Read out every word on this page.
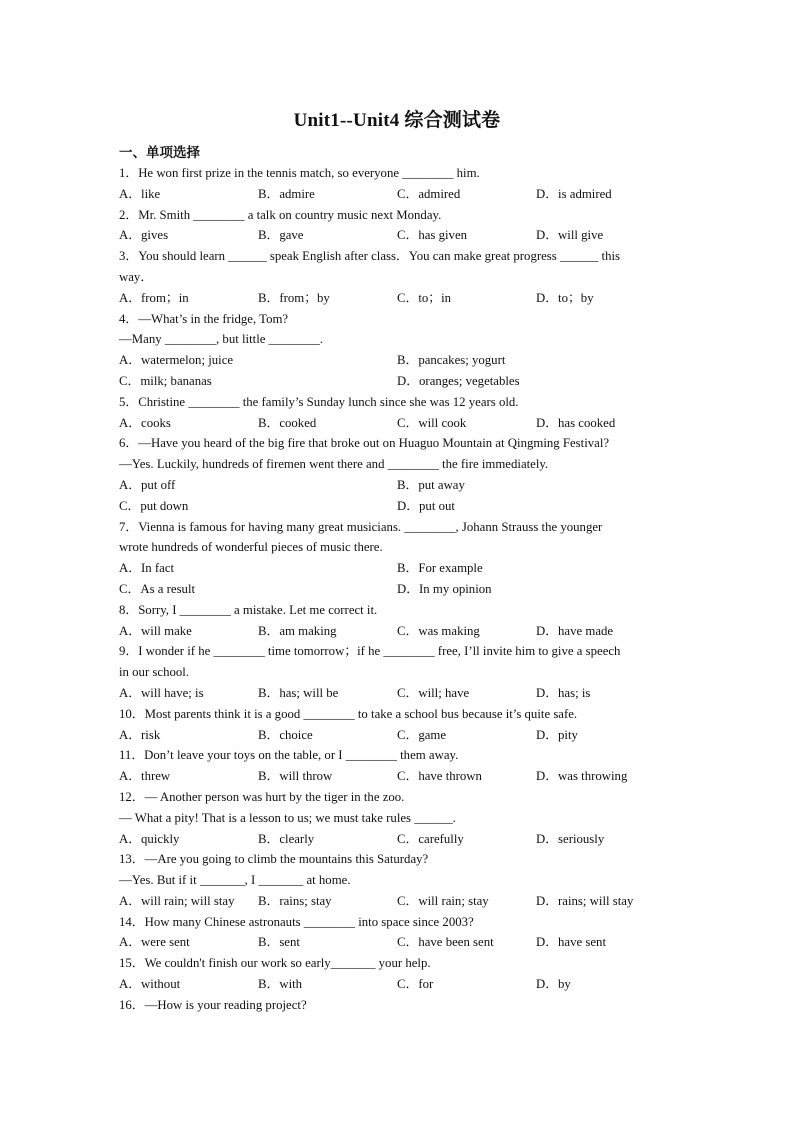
Unit1--Unit4 综合测试卷
一、单项选择
1．He won first prize in the tennis match, so everyone ________ him.
A．like	B．admire	C．admired	D．is admired
2．Mr. Smith ________ a talk on country music next Monday.
A．gives	B．gave	C．has given	D．will give
3．You should learn ______ speak English after class．You can make great progress ______ this
way．
A．from；in	B．from；by	C．to；in	D．to；by
4．—What’s in the fridge, Tom?
—Many ________, but little ________.
A．watermelon; juice	B．pancakes; yogurt
C．milk; bananas	D．oranges; vegetables
5．Christine ________ the family’s Sunday lunch since she was 12 years old.
A．cooks	B．cooked	C．will cook	D．has cooked
6．—Have you heard of the big fire that broke out on Huaguo Mountain at Qingming Festival?
—Yes. Luckily, hundreds of firemen went there and ________ the fire immediately.
A．put off	B．put away
C．put down	D．put out
7．Vienna is famous for having many great musicians. ________, Johann Strauss the younger
wrote hundreds of wonderful pieces of music there.
A．In fact	B．For example
C．As a result	D．In my opinion
8．Sorry, I ________ a mistake. Let me correct it.
A．will make	B．am making	C．was making	D．have made
9．I wonder if he ________ time tomorrow；if he ________ free, I’ll invite him to give a speech
in our school.
A．will have; is	B．has; will be	C．will; have	D．has; is
10．Most parents think it is a good ________ to take a school bus because it’s quite safe.
A．risk	B．choice	C．game	D．pity
11．Don’t leave your toys on the table, or I ________ them away.
A．threw	B．will throw	C．have thrown	D．was throwing
12．— Another person was hurt by the tiger in the zoo.
— What a pity! That is a lesson to us; we must take rules ______.
A．quickly	B．clearly	C．carefully	D．seriously
13．—Are you going to climb the mountains this Saturday?
—Yes. But if it _______, I _______ at home.
A．will rain; will stay	B．rains; stay	C．will rain; stay	D．rains; will stay
14．How many Chinese astronauts ________ into space since 2003?
A．were sent	B．sent	C．have been sent	D．have sent
15．We couldn't finish our work so early_______ your help.
A．without	B．with	C．for	D．by
16．—How is your reading project?
